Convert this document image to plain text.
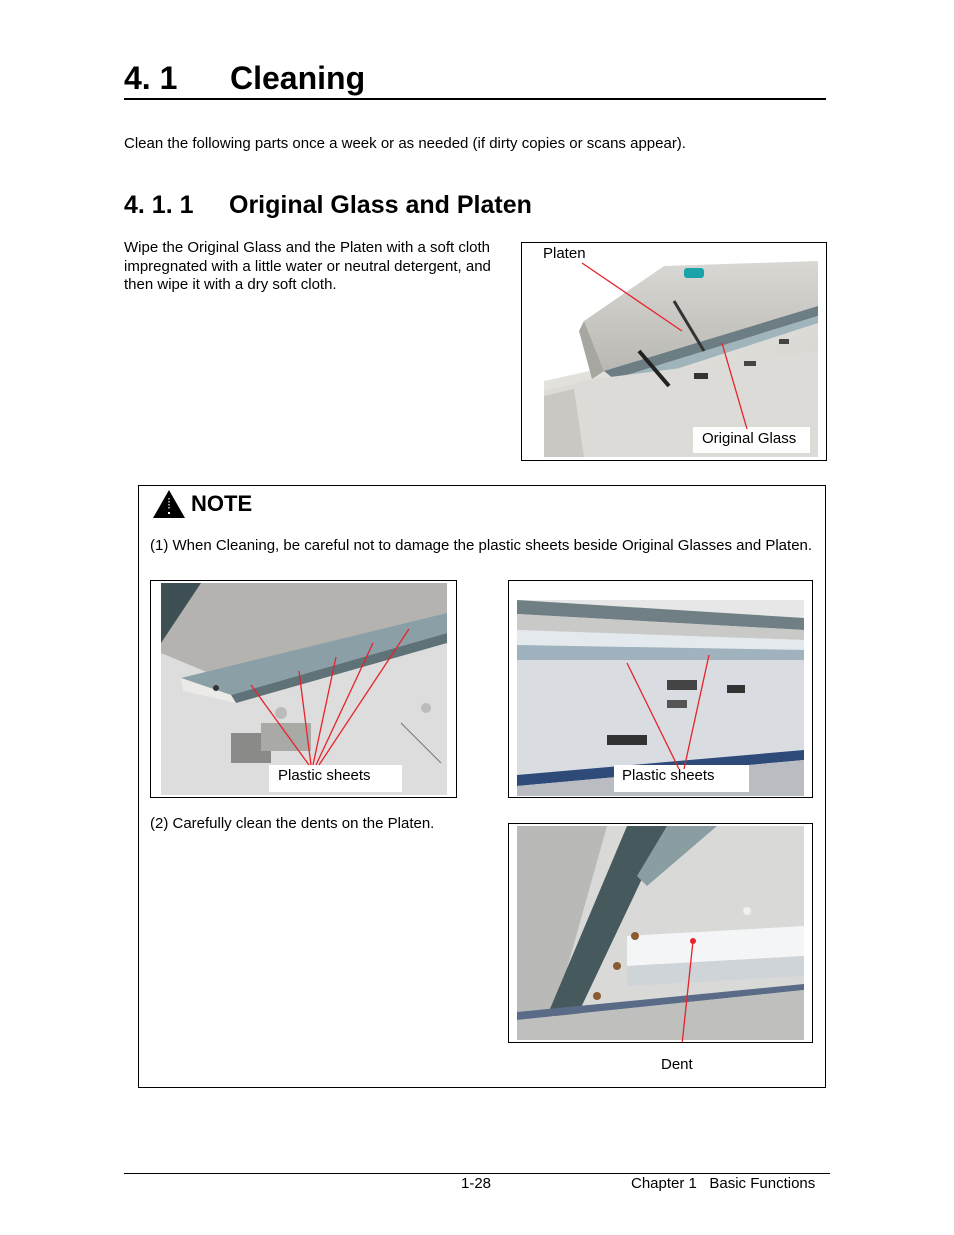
4. 1 Cleaning
Clean the following parts once a week or as needed (if dirty copies or scans appear).
4. 1. 1 Original Glass and Platen
Wipe the Original Glass and the Platen with a soft cloth impregnated with a little water or neutral detergent, and then wipe it with a dry soft cloth.
Platen
Original Glass
NOTE
(1) When Cleaning, be careful not to damage the plastic sheets beside Original Glasses and Platen.
Plastic sheets	Plastic sheets
(2) Carefully clean the dents on the Platen.
Dent
1-28	Chapter 1   Basic Functions
